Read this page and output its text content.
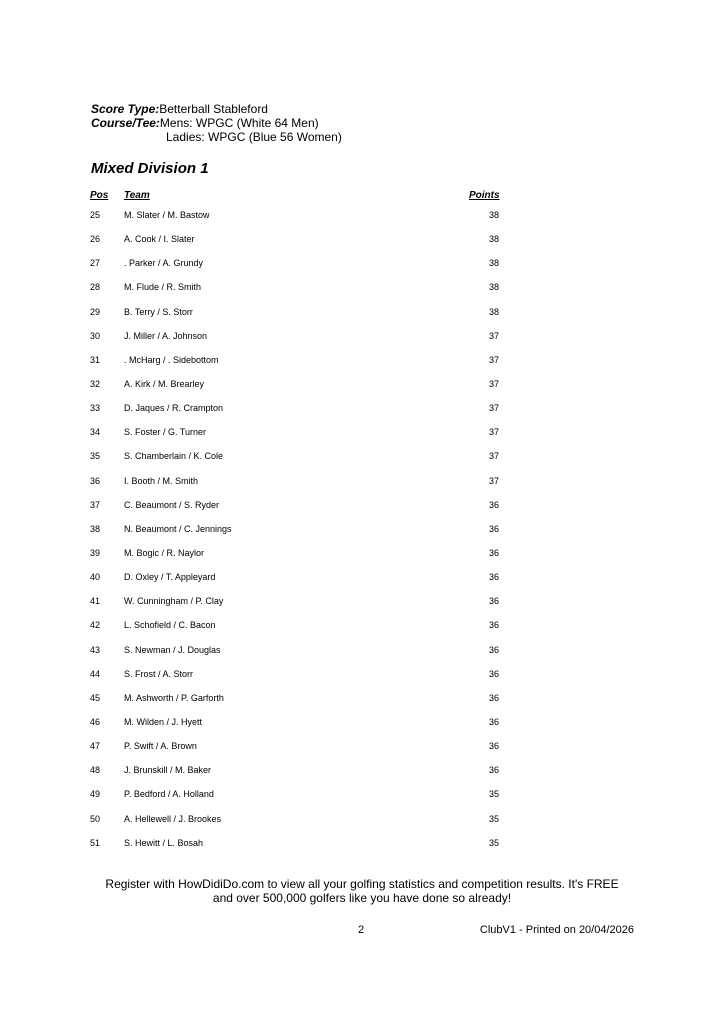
Score Type:Betterball Stableford
Course/Tee:Mens: WPGC (White 64 Men)
Ladies: WPGC (Blue 56 Women)
Mixed Division 1
Pos Team	Points
25	M. Slater / M. Bastow	38
26	A. Cook / I. Slater	38
27	. Parker / A. Grundy	38
28	M. Flude / R. Smith	38
29	B. Terry / S. Storr	38
30	J. Miller / A. Johnson	37
31	. McHarg / . Sidebottom	37
32	A. Kirk / M. Brearley	37
33	D. Jaques / R. Crampton	37
34	S. Foster / G. Turner	37
35	S. Chamberlain / K. Cole	37
36	I. Booth / M. Smith	37
37	C. Beaumont / S. Ryder	36
38	N. Beaumont / C. Jennings	36
39	M. Bogic / R. Naylor	36
40	D. Oxley / T. Appleyard	36
41	W. Cunningham / P. Clay	36
42	L. Schofield / C. Bacon	36
43	S. Newman / J. Douglas	36
44	S. Frost / A. Storr	36
45	M. Ashworth / P. Garforth	36
46	M. Wilden / J. Hyett	36
47	P. Swift / A. Brown	36
48	J. Brunskill / M. Baker	36
49	P. Bedford / A. Holland	35
50	A. Hellewell / J. Brookes	35
51	S. Hewitt / L. Bosah	35
Register with HowDidiDo.com to view all your golfing statistics and competition results. It's FREE
and over 500,000 golfers like you have done so already!
2	ClubV1 - Printed on 20/04/2026
